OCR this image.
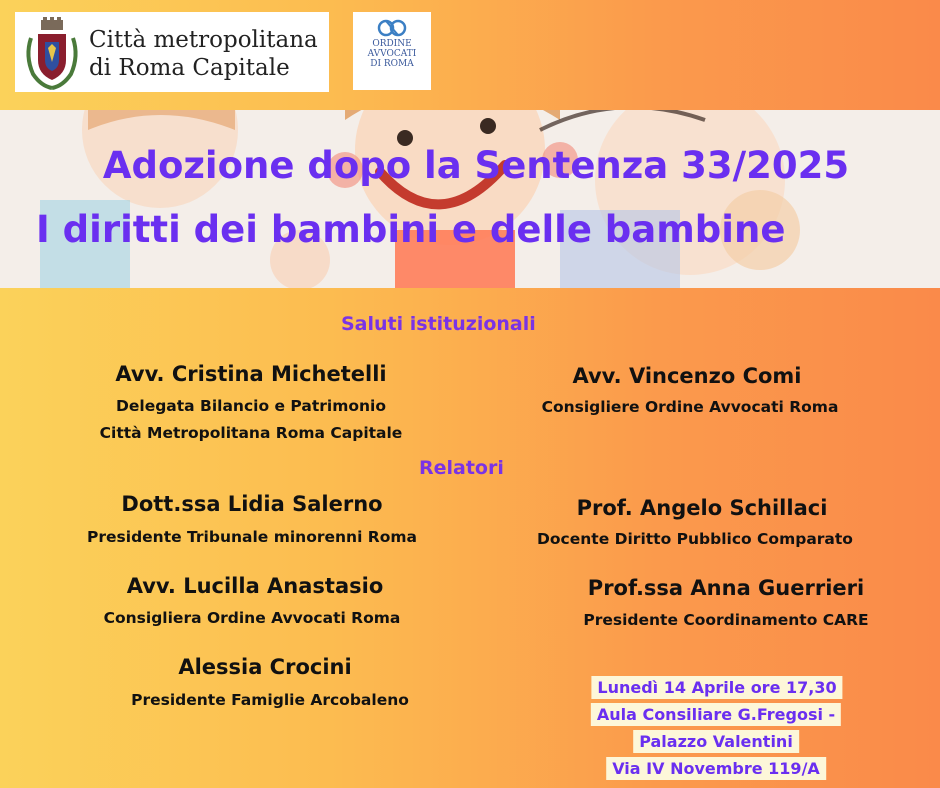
Città metropolitana
di Roma Capitale
ORDINE
AVVOCATI
DI ROMA
Adozione dopo la Sentenza 33/2025
I diritti dei bambini e delle bambine
Saluti istituzionali
Avv. Cristina Michetelli
Delegata Bilancio e Patrimonio
Città Metropolitana Roma Capitale
Avv. Vincenzo Comi
Consigliere Ordine Avvocati Roma
Relatori
Dott.ssa Lidia Salerno
Presidente Tribunale minorenni Roma
Prof. Angelo Schillaci
Docente Diritto Pubblico Comparato
Avv. Lucilla Anastasio
Consigliera Ordine Avvocati Roma
Prof.ssa Anna Guerrieri
Presidente Coordinamento CARE
Alessia Crocini
Presidente Famiglie Arcobaleno
Lunedì 14 Aprile ore 17,30
Aula Consiliare G.Fregosi -
Palazzo Valentini
Via IV Novembre 119/A
